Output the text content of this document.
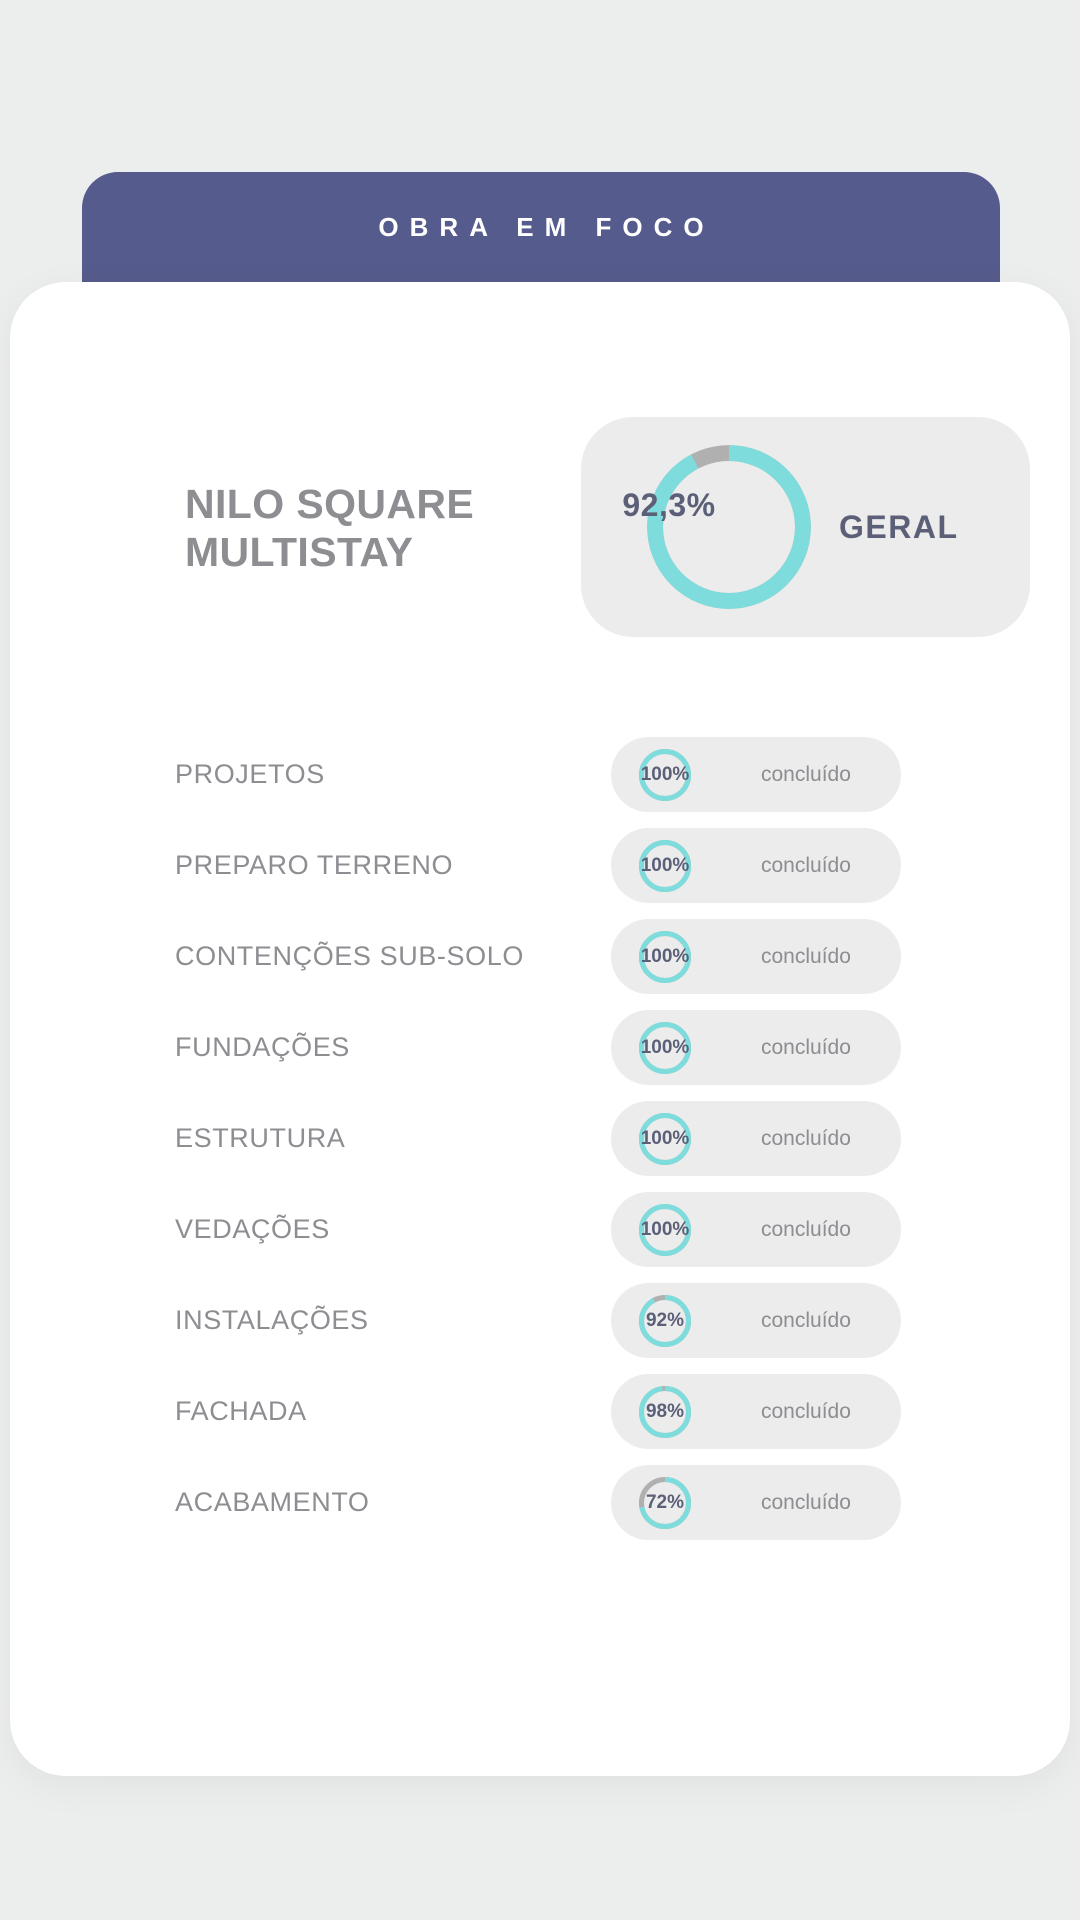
OBRA EM FOCO
NILO SQUARE
MULTISTAY
92,3%
GERAL
PROJETOS	100%	concluído
PREPARO TERRENO	100%	concluído
CONTENÇÕES SUB-SOLO	100%	concluído
FUNDAÇÕES	100%	concluído
ESTRUTURA	100%	concluído
VEDAÇÕES	100%	concluído
INSTALAÇÕES	92%	concluído
FACHADA	98%	concluído
ACABAMENTO	72%	concluído
